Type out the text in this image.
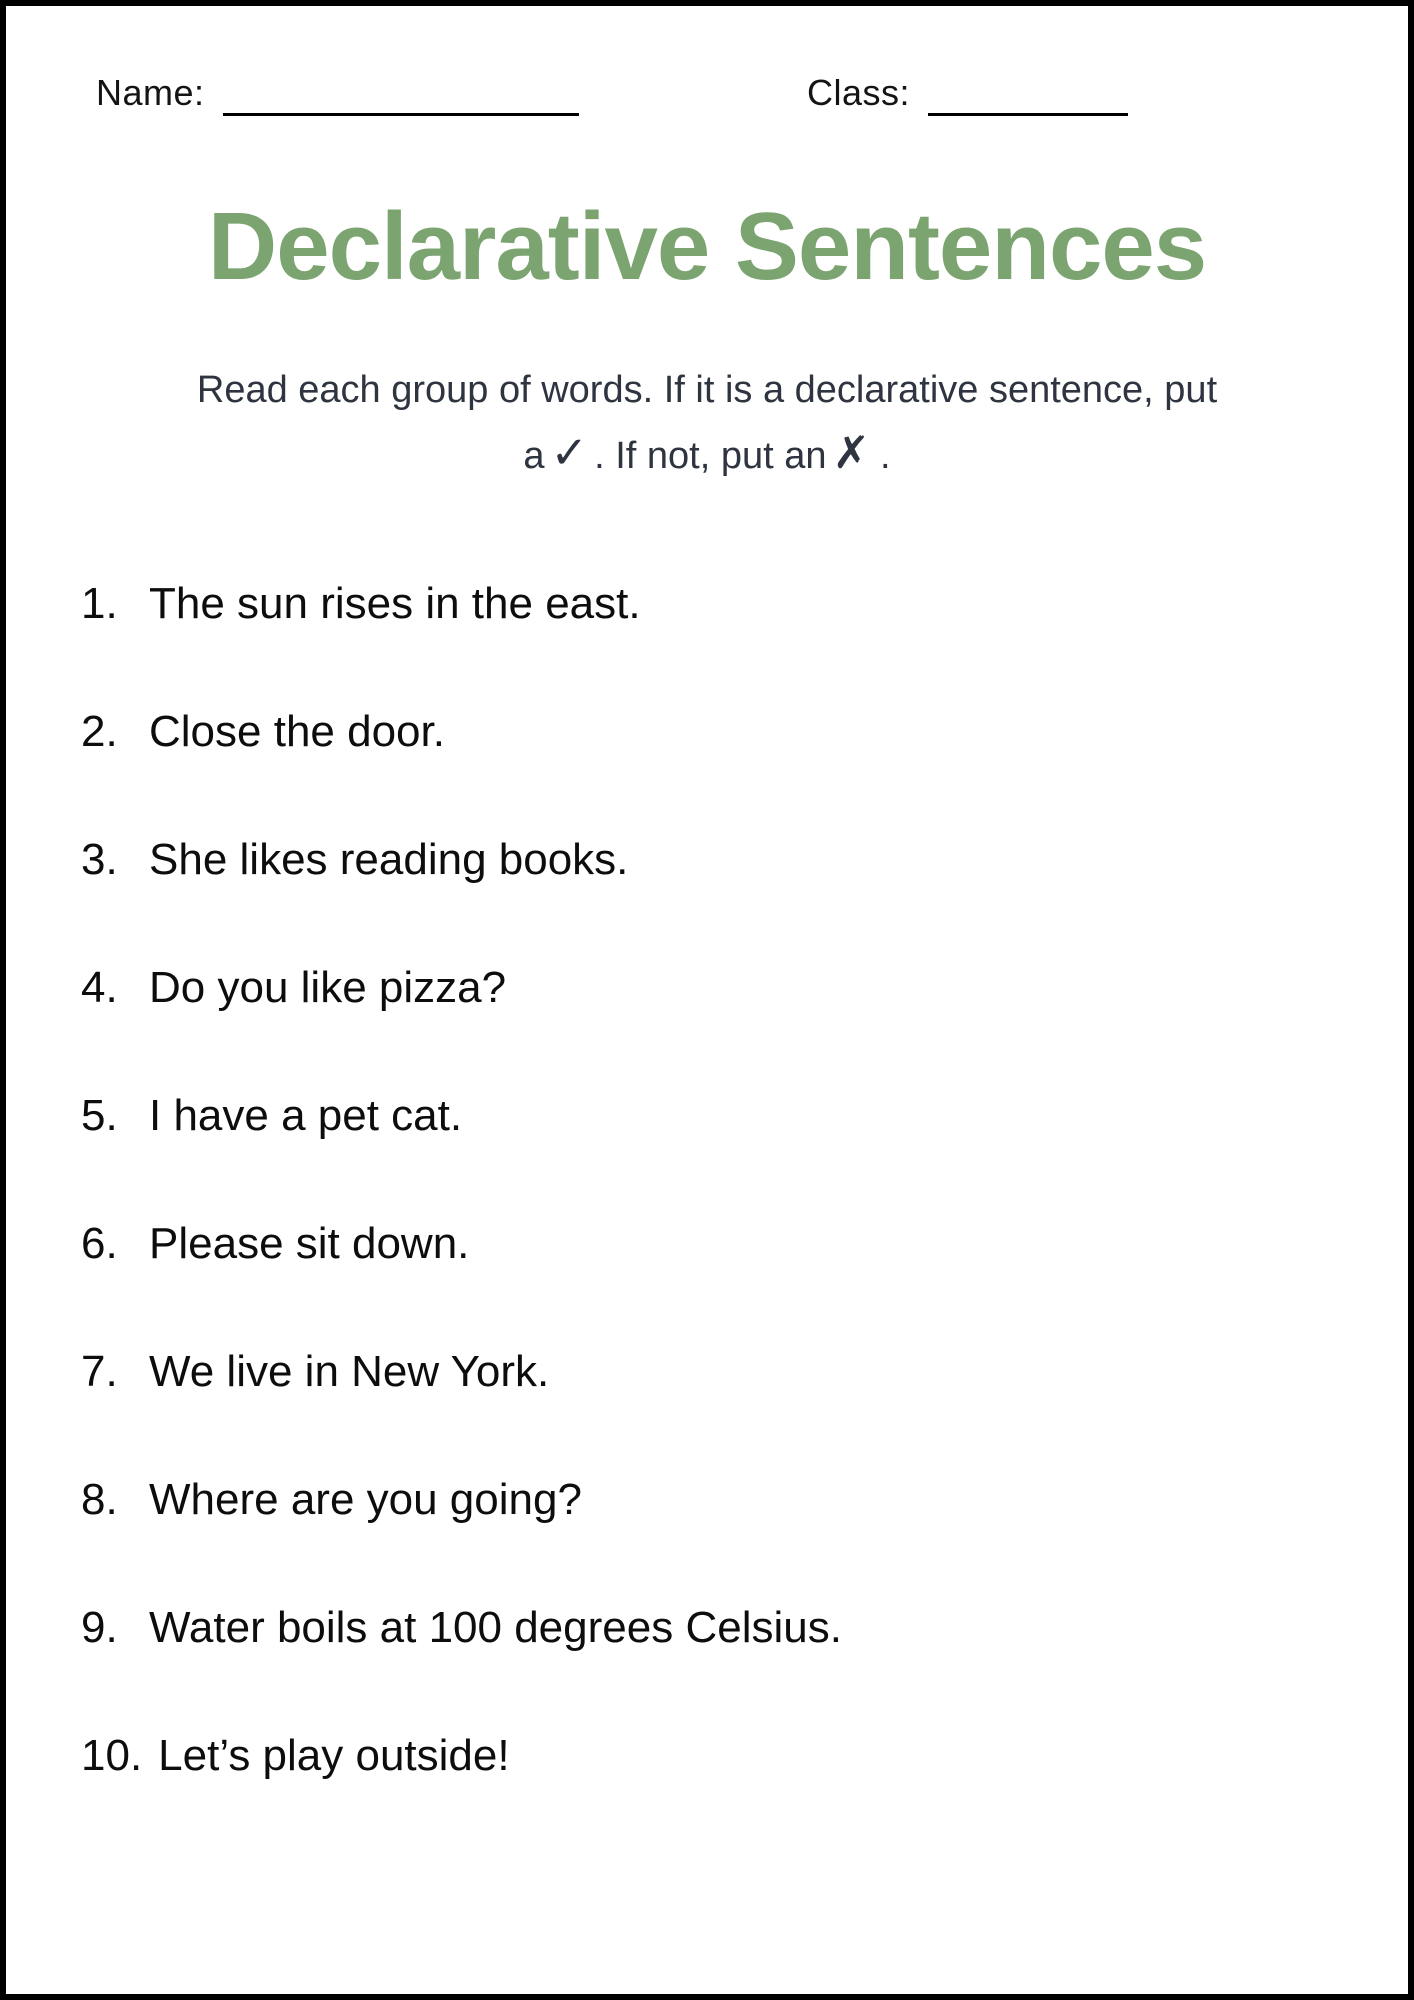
Name:	Class:
Declarative Sentences

Read each group of words. If it is a declarative sentence, put
a ✓ . If not, put an ✗ .

1. The sun rises in the east.
2. Close the door.
3. She likes reading books.
4. Do you like pizza?
5. I have a pet cat.
6. Please sit down.
7. We live in New York.
8. Where are you going?
9. Water boils at 100 degrees Celsius.
10. Let’s play outside!
